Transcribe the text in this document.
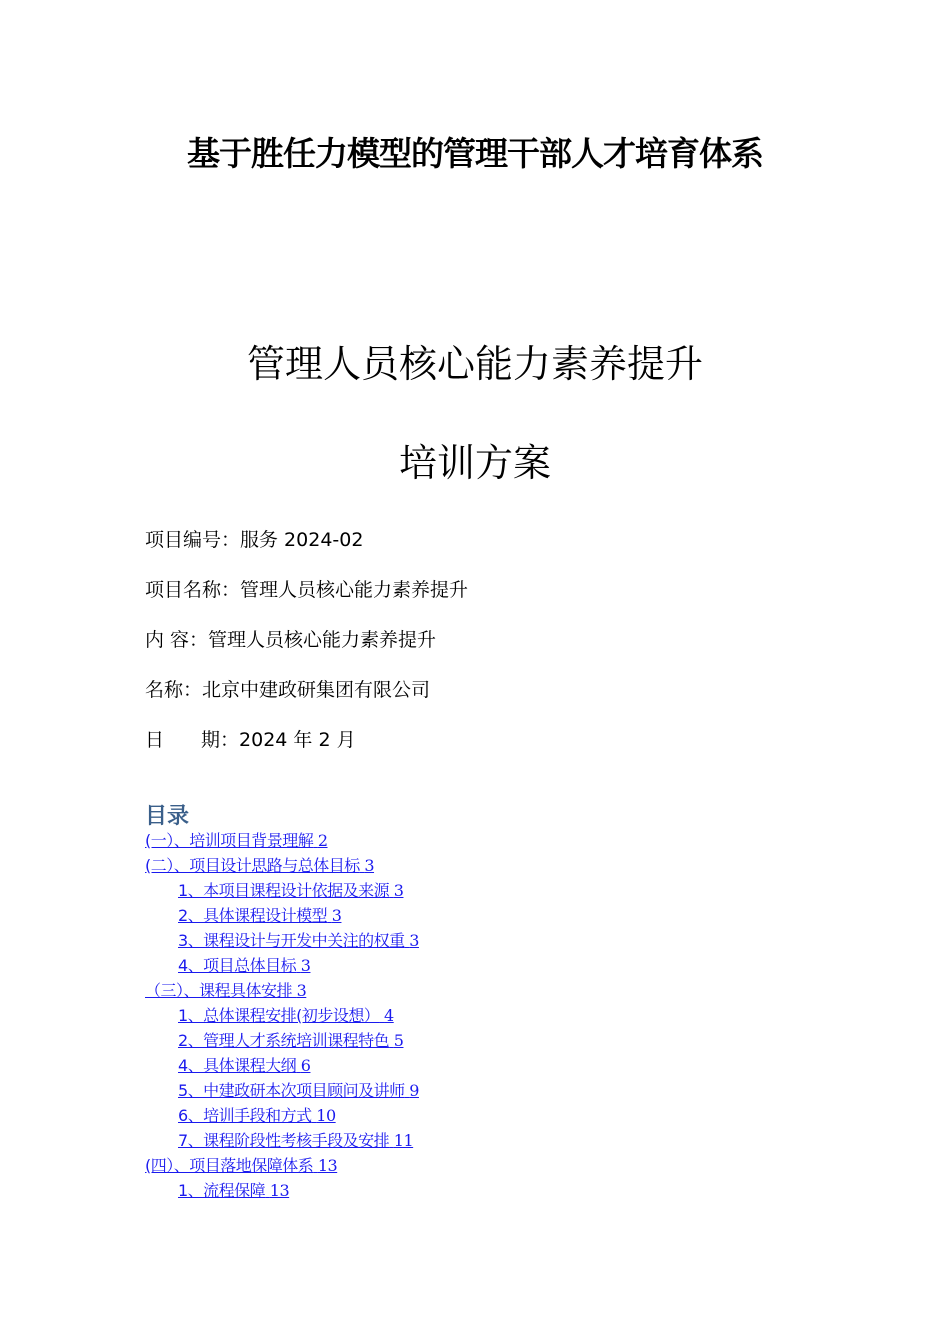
基于胜任力模型的管理干部人才培育体系
管理人员核心能力素养提升
培训方案
项目编号：服务 2024-02
项目名称：管理人员核心能力素养提升
内 容：管理人员核心能力素养提升
名称：北京中建政研集团有限公司
日 期：2024 年 2 月
目录
(一）、培训项目背景理解 2
(二）、项目设计思路与总体目标 3
1、本项目课程设计依据及来源 3
2、具体课程设计模型 3
3、课程设计与开发中关注的权重 3
4、项目总体目标 3
（三）、课程具体安排 3
1、总体课程安排(初步设想） 4
2、管理人才系统培训课程特色 5
4、具体课程大纲 6
5、中建政研本次项目顾问及讲师 9
6、培训手段和方式 10
7、课程阶段性考核手段及安排 11
(四）、项目落地保障体系 13
1、流程保障 13
